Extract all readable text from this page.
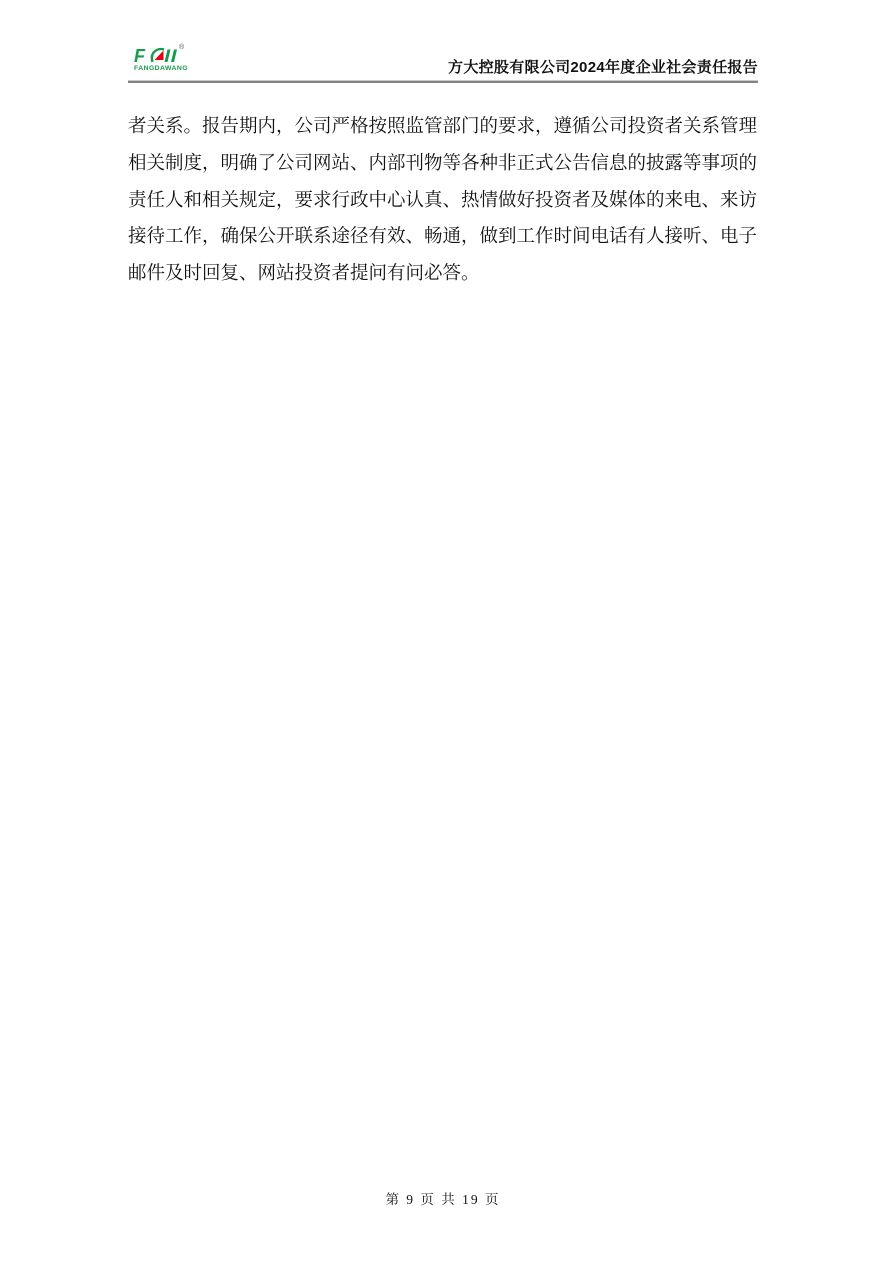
F	®
FANGDAWANG	方大控股有限公司2024年度企业社会责任报告
者关系。报告期内，公司严格按照监管部门的要求，遵循公司投资者关系管理
相关制度，明确了公司网站、内部刊物等各种非正式公告信息的披露等事项的
责任人和相关规定，要求行政中心认真、热情做好投资者及媒体的来电、来访
接待工作，确保公开联系途径有效、畅通，做到工作时间电话有人接听、电子
邮件及时回复、网站投资者提问有问必答。
第 9 页 共 19 页
